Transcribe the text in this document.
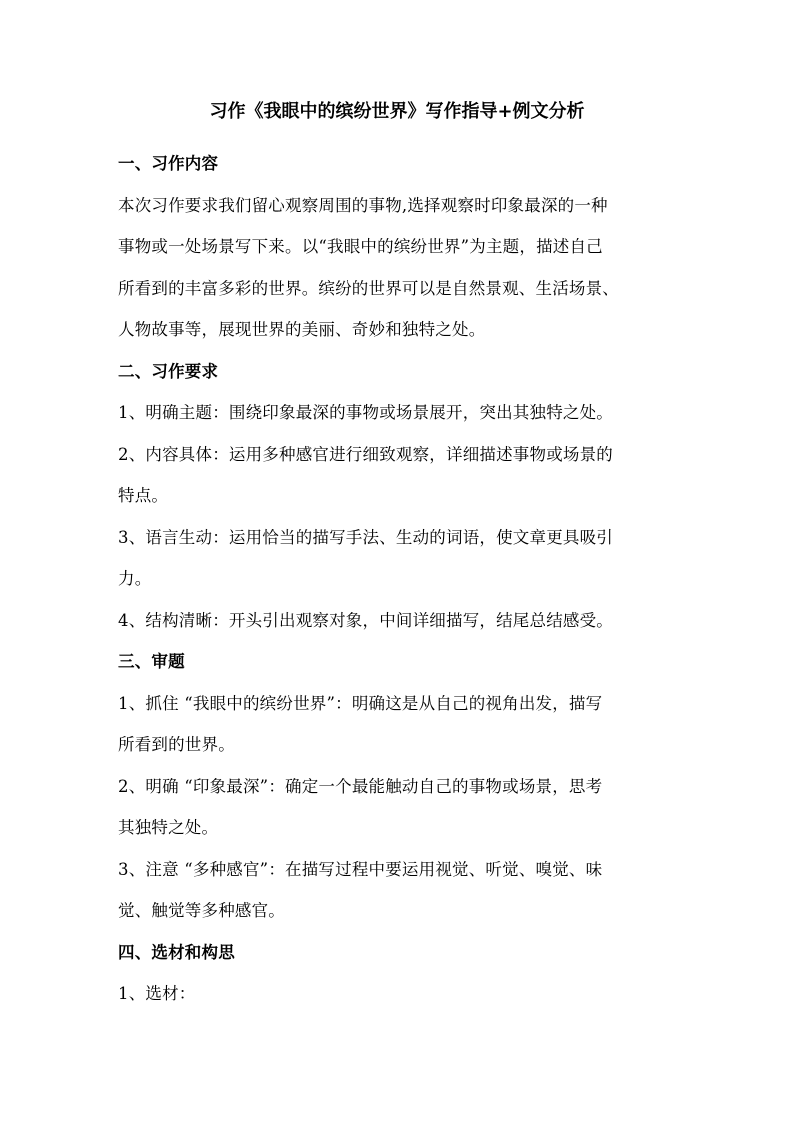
习作《我眼中的缤纷世界》写作指导+例文分析
一、习作内容
本次习作要求我们留心观察周围的事物,选择观察时印象最深的一种
事物或一处场景写下来。以“我眼中的缤纷世界”为主题，描述自己
所看到的丰富多彩的世界。缤纷的世界可以是自然景观、生活场景、
人物故事等，展现世界的美丽、奇妙和独特之处。
二、习作要求
1、明确主题：围绕印象最深的事物或场景展开，突出其独特之处。
2、内容具体：运用多种感官进行细致观察，详细描述事物或场景的
特点。
3、语言生动：运用恰当的描写手法、生动的词语，使文章更具吸引
力。
4、结构清晰：开头引出观察对象，中间详细描写，结尾总结感受。
三、审题
1、抓住 “我眼中的缤纷世界”：明确这是从自己的视角出发，描写
所看到的世界。
2、明确 “印象最深”：确定一个最能触动自己的事物或场景，思考
其独特之处。
3、注意 “多种感官”：在描写过程中要运用视觉、听觉、嗅觉、味
觉、触觉等多种感官。
四、选材和构思
1、选材：
